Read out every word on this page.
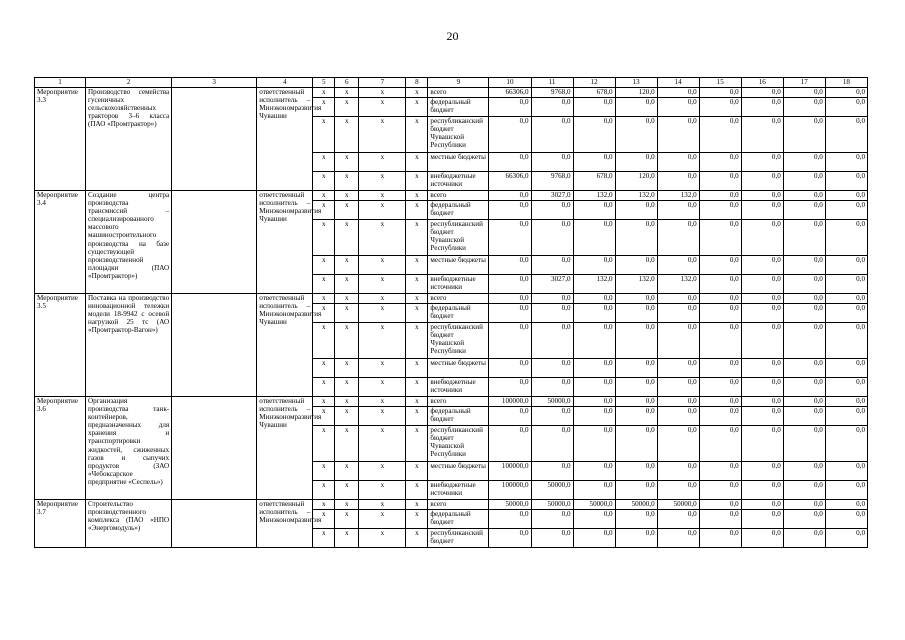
20
1	2	3	4	5	6	7	8	9	10	11	12	13	14	15	16	17	18
Мероприятие 3.3	Производство семейства гусеничных сельскохозяйственных тракторов 3–6 класса (ПАО «Промтрактор»)		ответственный исполнитель – Минэкономразвития Чувашии	x	x	x	x	всего	66306,0	9768,0	678,0	120,0	0,0	0,0	0,0	0,0	0,0
				x	x	x	x	федеральный бюджет	0,0	0,0	0,0	0,0	0,0	0,0	0,0	0,0	0,0
				x	x	x	x	республиканский бюджет Чувашской Республики	0,0	0,0	0,0	0,0	0,0	0,0	0,0	0,0	0,0
				x	x	x	x	местные бюджеты	0,0	0,0	0,0	0,0	0,0	0,0	0,0	0,0	0,0
				x	x	x	x	внебюджетные источники	66306,0	9768,0	678,0	120,0	0,0	0,0	0,0	0,0	0,0
Мероприятие 3.4	Создание центра производства трансмиссий – специализированного массового машиностроительного производства на базе существующей производственной площадки (ПАО «Промтрактор»)		ответственный исполнитель – Минэкономразвития Чувашии	x	x	x	x	всего	0,0	3027,0	132,0	132,0	132,0	0,0	0,0	0,0	0,0
				x	x	x	x	федеральный бюджет	0,0	0,0	0,0	0,0	0,0	0,0	0,0	0,0	0,0
				x	x	x	x	республиканский бюджет Чувашской Республики	0,0	0,0	0,0	0,0	0,0	0,0	0,0	0,0	0,0
				x	x	x	x	местные бюджеты	0,0	0,0	0,0	0,0	0,0	0,0	0,0	0,0	0,0
				x	x	x	x	внебюджетные источники	0,0	3027,0	132,0	132,0	132,0	0,0	0,0	0,0	0,0
Мероприятие 3.5	Поставка на производство инновационной тележки модели 18-9942 с осевой нагрузкой 25 тс (АО «Промтрактор-Вагон»)		ответственный исполнитель – Минэкономразвития Чувашии	x	x	x	x	всего	0,0	0,0	0,0	0,0	0,0	0,0	0,0	0,0	0,0
				x	x	x	x	федеральный бюджет	0,0	0,0	0,0	0,0	0,0	0,0	0,0	0,0	0,0
				x	x	x	x	республиканский бюджет Чувашской Республики	0,0	0,0	0,0	0,0	0,0	0,0	0,0	0,0	0,0
				x	x	x	x	местные бюджеты	0,0	0,0	0,0	0,0	0,0	0,0	0,0	0,0	0,0
				x	x	x	x	внебюджетные источники	0,0	0,0	0,0	0,0	0,0	0,0	0,0	0,0	0,0
Мероприятие 3.6	Организация производства танк-контейнеров, предназначенных для хранения и транспортировки жидкостей, сжиженных газов и сыпучих продуктов (ЗАО «Чебоксарское предприятие «Сеспель»)		ответственный исполнитель – Минэкономразвития Чувашии	x	x	x	x	всего	100000,0	50000,0	0,0	0,0	0,0	0,0	0,0	0,0	0,0
				x	x	x	x	федеральный бюджет	0,0	0,0	0,0	0,0	0,0	0,0	0,0	0,0	0,0
				x	x	x	x	республиканский бюджет Чувашской Республики	0,0	0,0	0,0	0,0	0,0	0,0	0,0	0,0	0,0
				x	x	x	x	местные бюджеты	100000,0	0,0	0,0	0,0	0,0	0,0	0,0	0,0	0,0
				x	x	x	x	внебюджетные источники	100000,0	50000,0	0,0	0,0	0,0	0,0	0,0	0,0	0,0
Мероприятие 3.7	Строительство производственного комплекса (ПАО «НПО «Энергомодуль»)		ответственный исполнитель – Минэкономразвития	x	x	x	x	всего	50000,0	50000,0	50000,0	50000,0	50000,0	0,0	0,0	0,0	0,0
				x	x	x	x	федеральный бюджет	0,0	0,0	0,0	0,0	0,0	0,0	0,0	0,0	0,0
				x	x	x	x	республиканский бюджет	0,0	0,0	0,0	0,0	0,0	0,0	0,0	0,0	0,0
